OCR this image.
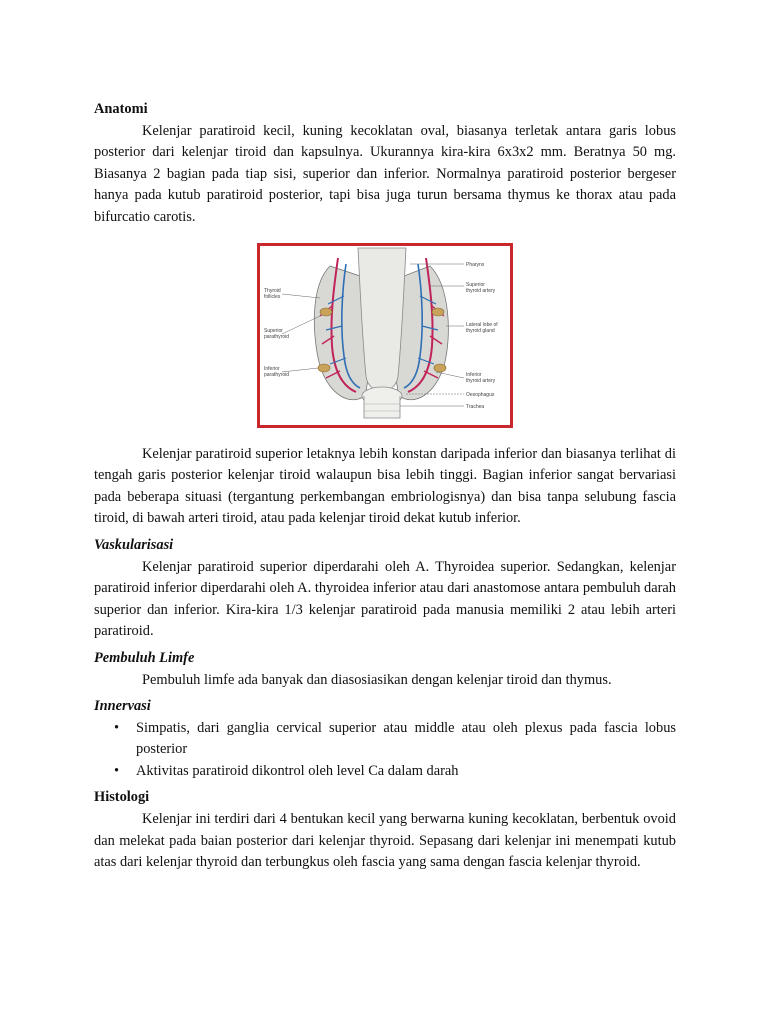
Anatomi

Kelenjar paratiroid kecil, kuning kecoklatan oval, biasanya terletak antara garis lobus posterior dari kelenjar tiroid dan kapsulnya. Ukurannya kira-kira 6x3x2 mm. Beratnya 50 mg. Biasanya 2 bagian pada tiap sisi, superior dan inferior. Normalnya paratiroid posterior bergeser hanya pada kutub paratiroid posterior, tapi bisa juga turun bersama thymus ke thorax atau pada bifurcatio carotis.

Thyroid
follicles
Superior
parathyroid
Inferior
parathyroid
Pharynx
Superior
thyroid artery
Lateral lobe of
thyroid gland
Inferior
thyroid artery
Oesophagus
Trachea

Kelenjar paratiroid superior letaknya lebih konstan daripada inferior dan biasanya terlihat di tengah garis posterior kelenjar tiroid walaupun bisa lebih tinggi. Bagian inferior sangat bervariasi pada beberapa situasi (tergantung perkembangan embriologisnya) dan bisa tanpa selubung fascia tiroid, di bawah arteri tiroid, atau pada kelenjar tiroid dekat kutub inferior.

Vaskularisasi

Kelenjar paratiroid superior diperdarahi oleh A. Thyroidea superior. Sedangkan, kelenjar paratiroid inferior diperdarahi oleh A. thyroidea inferior atau dari anastomose antara pembuluh darah superior dan inferior. Kira-kira 1/3 kelenjar paratiroid pada manusia memiliki 2 atau lebih arteri paratiroid.

Pembuluh Limfe

Pembuluh limfe ada banyak dan diasosiasikan dengan kelenjar tiroid dan thymus.

Innervasi

• Simpatis, dari ganglia cervical superior atau middle atau oleh plexus pada fascia lobus posterior
• Aktivitas paratiroid dikontrol oleh level Ca dalam darah

Histologi

Kelenjar ini terdiri dari 4 bentukan kecil yang berwarna kuning kecoklatan, berbentuk ovoid dan melekat pada baian posterior dari kelenjar thyroid. Sepasang dari kelenjar ini menempati kutub atas dari kelenjar thyroid dan terbungkus oleh fascia yang sama dengan fascia kelenjar thyroid.
